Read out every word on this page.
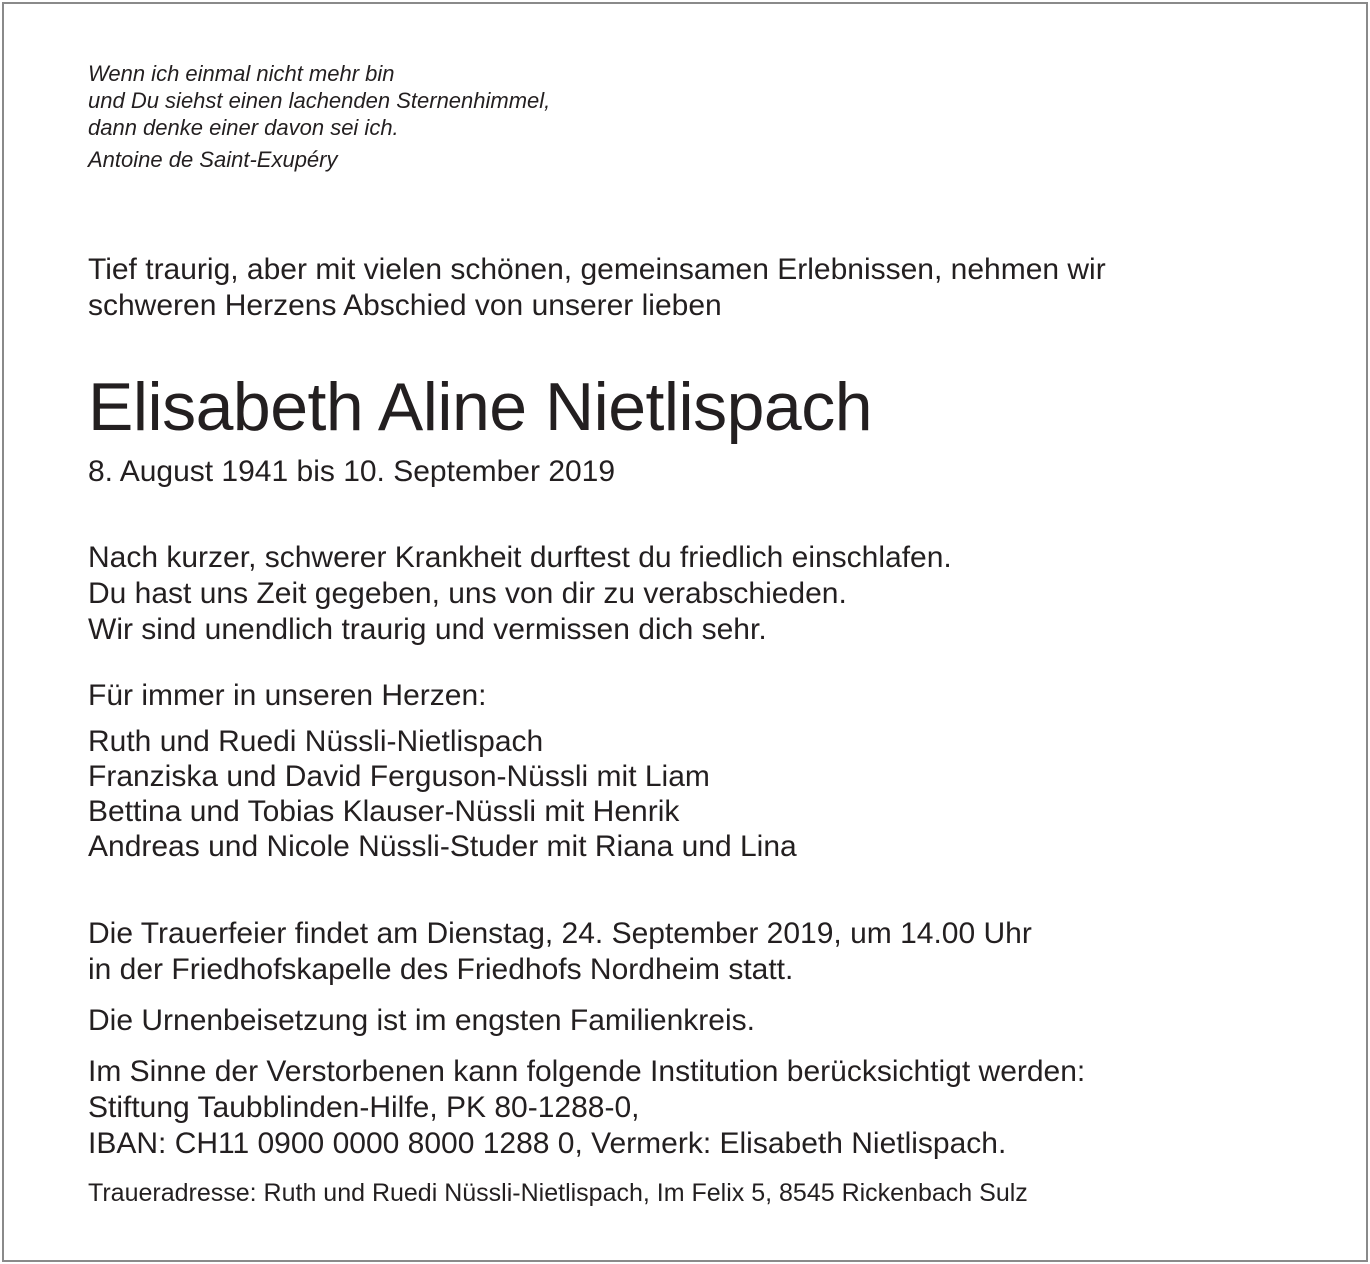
Wenn ich einmal nicht mehr bin
und Du siehst einen lachenden Sternenhimmel,
dann denke einer davon sei ich.
Antoine de Saint-Exupéry
Tief traurig, aber mit vielen schönen, gemeinsamen Erlebnissen, nehmen wir
schweren Herzens Abschied von unserer lieben
Elisabeth Aline Nietlispach
8. August 1941 bis 10. September 2019
Nach kurzer, schwerer Krankheit durftest du friedlich einschlafen.
Du hast uns Zeit gegeben, uns von dir zu verabschieden.
Wir sind unendlich traurig und vermissen dich sehr.
Für immer in unseren Herzen:
Ruth und Ruedi Nüssli-Nietlispach
Franziska und David Ferguson-Nüssli mit Liam
Bettina und Tobias Klauser-Nüssli mit Henrik
Andreas und Nicole Nüssli-Studer mit Riana und Lina
Die Trauerfeier findet am Dienstag, 24. September 2019, um 14.00 Uhr
in der Friedhofskapelle des Friedhofs Nordheim statt.
Die Urnenbeisetzung ist im engsten Familienkreis.
Im Sinne der Verstorbenen kann folgende Institution berücksichtigt werden:
Stiftung Taubblinden-Hilfe, PK 80-1288-0,
IBAN: CH11 0900 0000 8000 1288 0, Vermerk: Elisabeth Nietlispach.
Traueradresse: Ruth und Ruedi Nüssli-Nietlispach, Im Felix 5, 8545 Rickenbach Sulz
